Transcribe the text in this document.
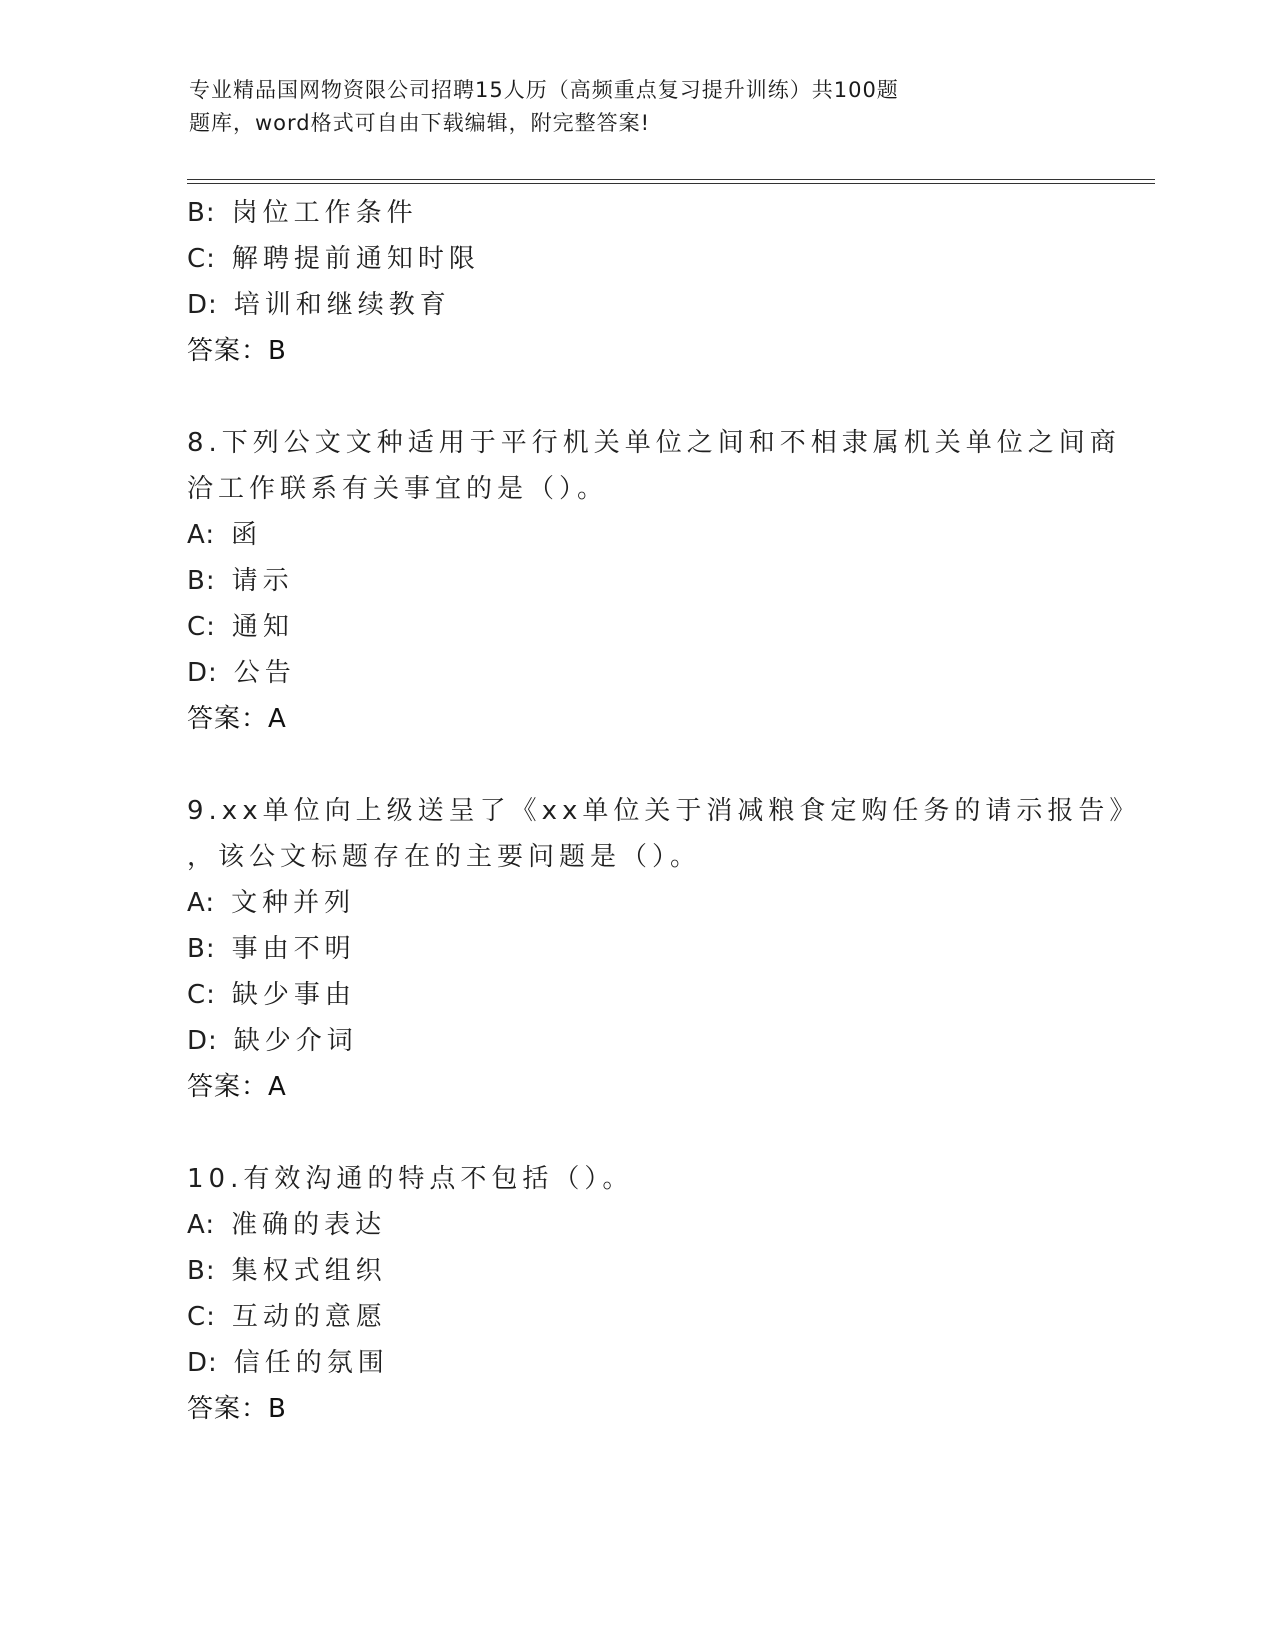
专业精品国网物资限公司招聘15人历（高频重点复习提升训练）共100题
题库，word格式可自由下载编辑，附完整答案!
B: 岗位工作条件
C: 解聘提前通知时限
D: 培训和继续教育
答案：B
8.下列公文文种适用于平行机关单位之间和不相隶属机关单位之间商
洽工作联系有关事宜的是（）。
A: 函
B: 请示
C: 通知
D: 公告
答案：A
9.xx单位向上级送呈了《xx单位关于消减粮食定购任务的请示报告》
，该公文标题存在的主要问题是（）。
A: 文种并列
B: 事由不明
C: 缺少事由
D: 缺少介词
答案：A
10.有效沟通的特点不包括（）。
A: 准确的表达
B: 集权式组织
C: 互动的意愿
D: 信任的氛围
答案：B
